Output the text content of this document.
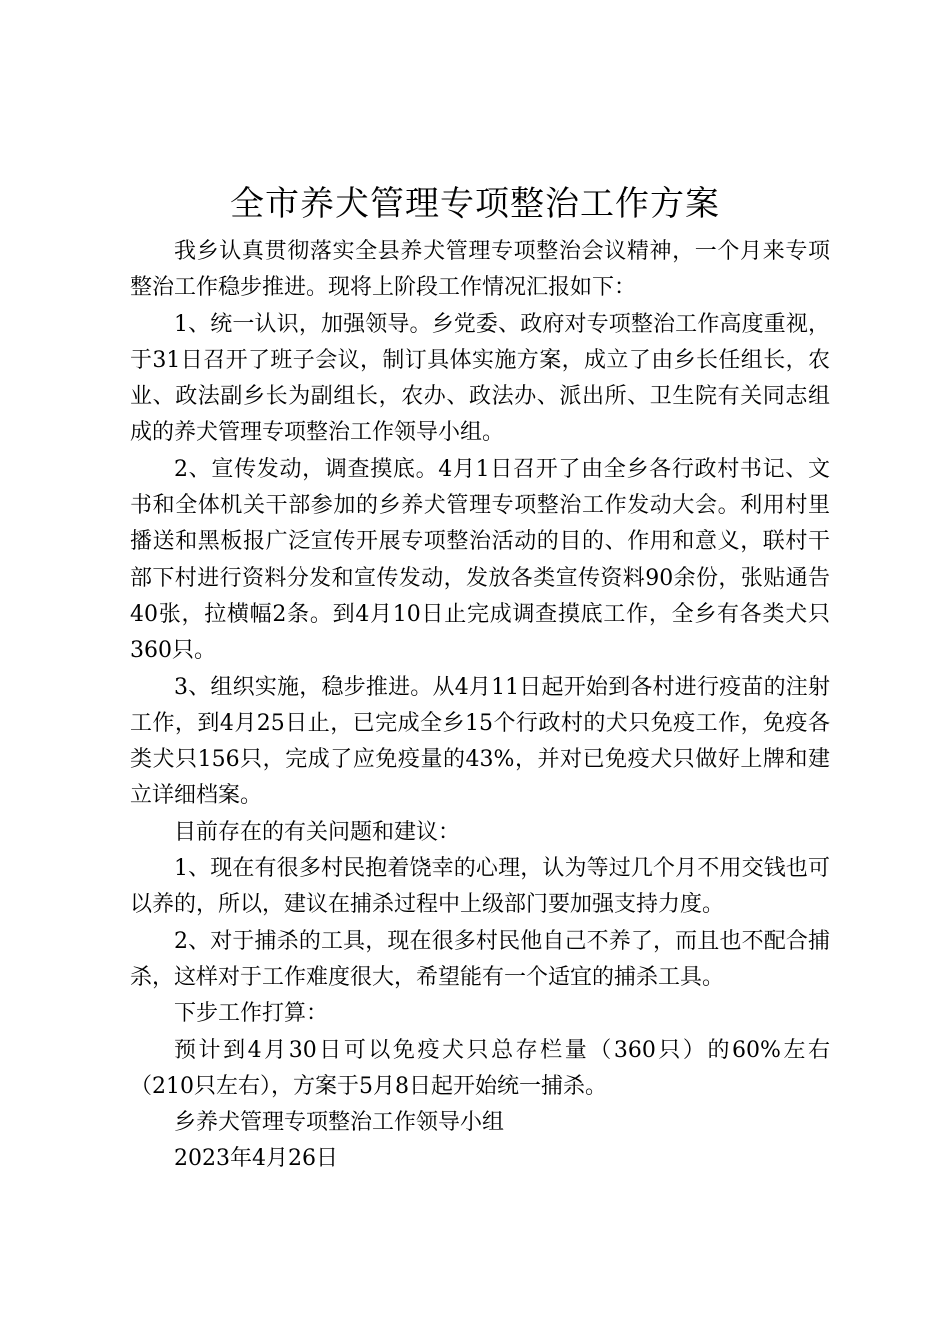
全市养犬管理专项整治工作方案

我乡认真贯彻落实全县养犬管理专项整治会议精神，一个月来专项整治工作稳步推进。现将上阶段工作情况汇报如下：

1、统一认识，加强领导。乡党委、政府对专项整治工作高度重视，于31日召开了班子会议，制订具体实施方案，成立了由乡长任组长，农业、政法副乡长为副组长，农办、政法办、派出所、卫生院有关同志组成的养犬管理专项整治工作领导小组。

2、宣传发动，调查摸底。4月1日召开了由全乡各行政村书记、文书和全体机关干部参加的乡养犬管理专项整治工作发动大会。利用村里播送和黑板报广泛宣传开展专项整治活动的目的、作用和意义，联村干部下村进行资料分发和宣传发动，发放各类宣传资料90余份，张贴通告40张，拉横幅2条。到4月10日止完成调查摸底工作，全乡有各类犬只360只。

3、组织实施，稳步推进。从4月11日起开始到各村进行疫苗的注射工作，到4月25日止，已完成全乡15个行政村的犬只免疫工作，免疫各类犬只156只，完成了应免疫量的43%，并对已免疫犬只做好上牌和建立详细档案。

目前存在的有关问题和建议：

1、现在有很多村民抱着饶幸的心理，认为等过几个月不用交钱也可以养的，所以，建议在捕杀过程中上级部门要加强支持力度。

2、对于捕杀的工具，现在很多村民他自己不养了，而且也不配合捕杀，这样对于工作难度很大，希望能有一个适宜的捕杀工具。

下步工作打算：

预计到4月30日可以免疫犬只总存栏量（360只）的60%左右（210只左右），方案于5月8日起开始统一捕杀。

乡养犬管理专项整治工作领导小组

2023年4月26日
